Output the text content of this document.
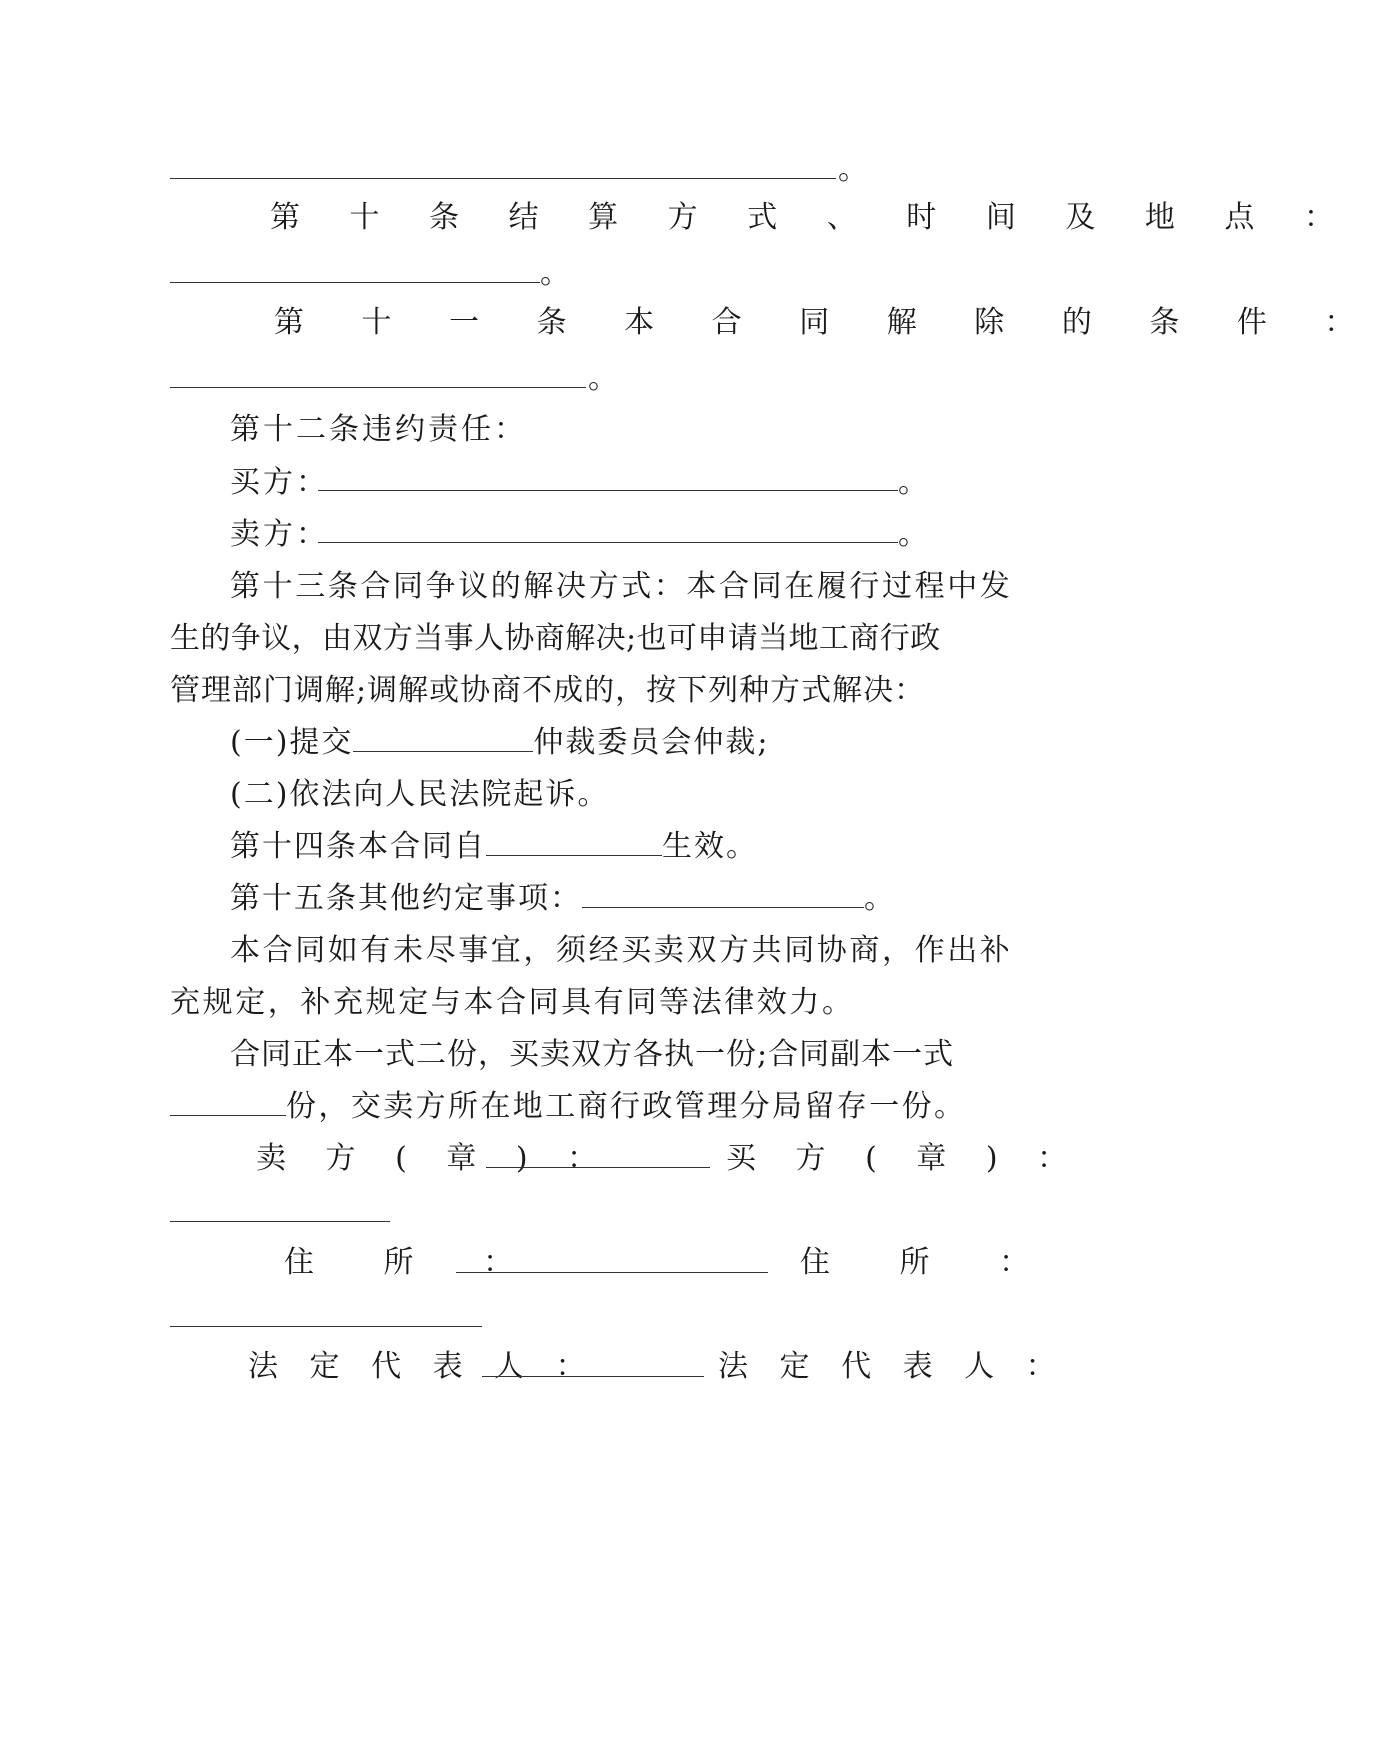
。
第 十 条 结 算 方 式 、 时 间 及 地 点 ：
。
第 十 一 条 本 合 同 解 除 的 条 件 ：
。
第十二条违约责任：
买方：	。
卖方：	。
第十三条合同争议的解决方式：本合同在履行过程中发
生的争议，由双方当事人协商解决;也可申请当地工商行政
管理部门调解;调解或协商不成的，按下列种方式解决：
(一)提交	仲裁委员会仲裁;
(二)依法向人民法院起诉。
第十四条本合同自	生效。
第十五条其他约定事项：	。
本合同如有未尽事宜，须经买卖双方共同协商，作出补
充规定，补充规定与本合同具有同等法律效力。
合同正本一式二份，买卖双方各执一份;合同副本一式
份，交卖方所在地工商行政管理分局留存一份。
卖 方 ( 章 ) ：	买 方 ( 章 ) ：
住 所 ：	住 所 ：
法 定 代 表 人 ：	法 定 代 表 人 ：
